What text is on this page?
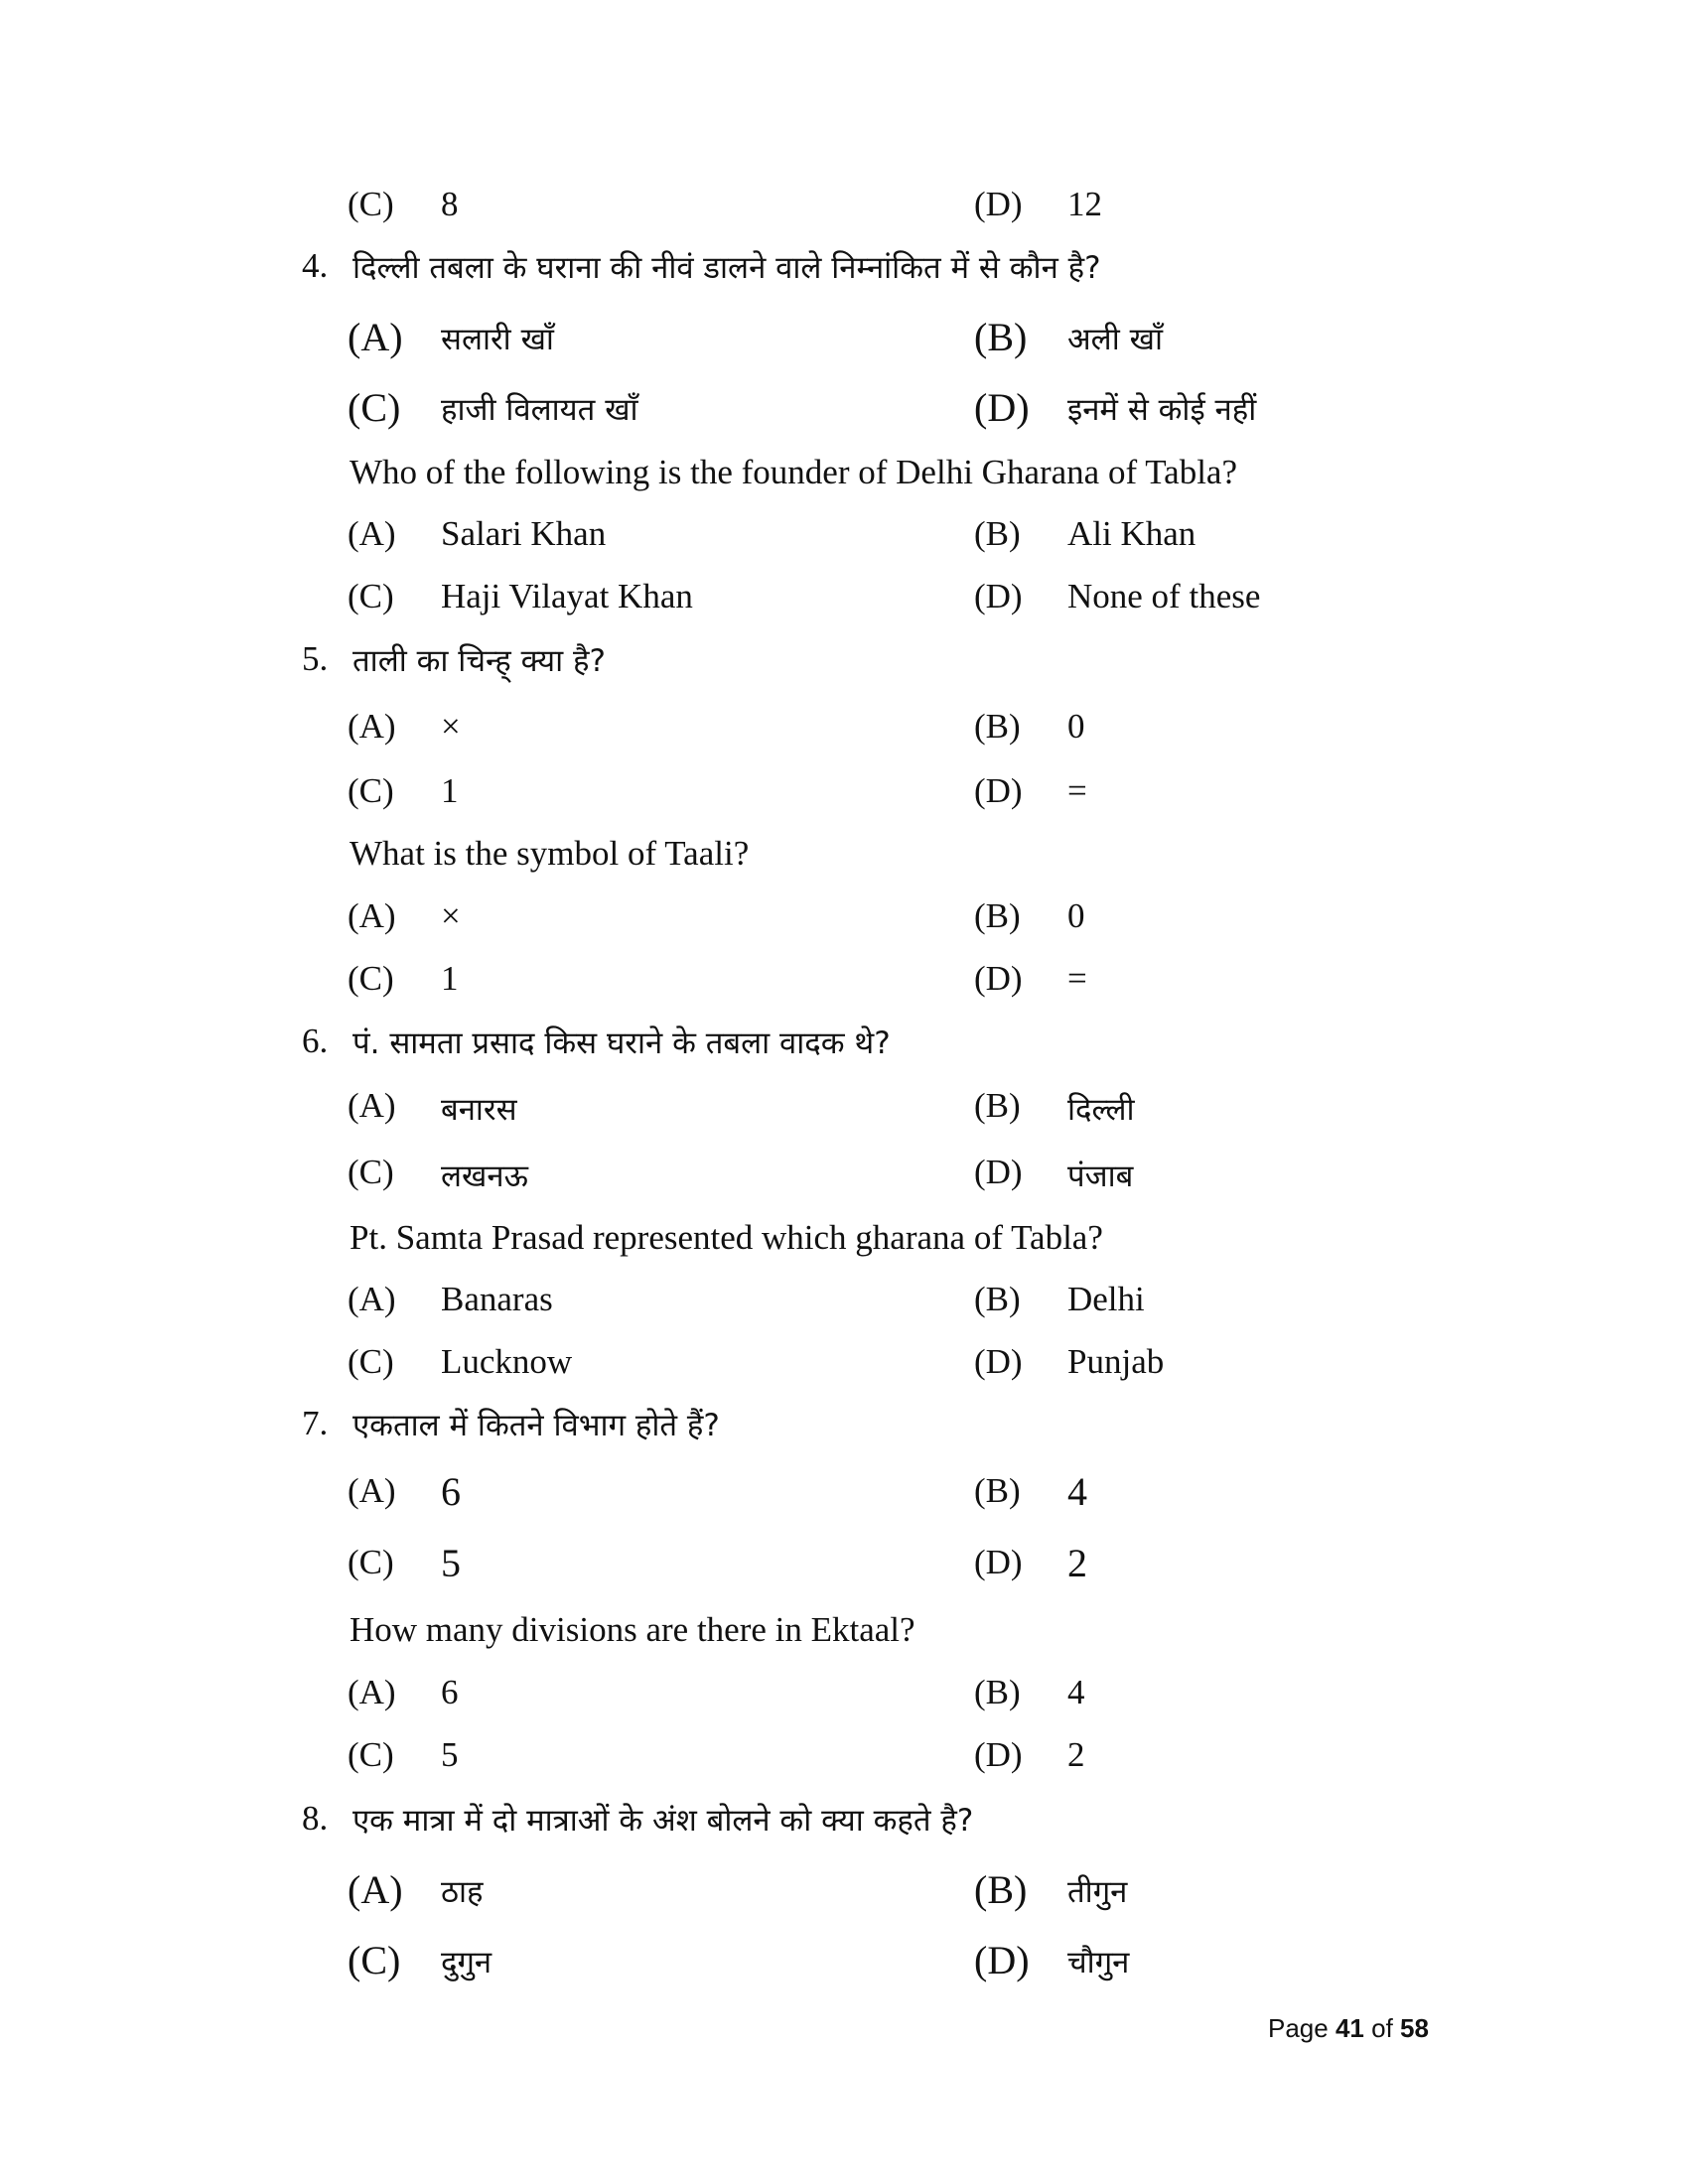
(C) 8	(D) 12
4. दिल्ली तबला के घराना की नीवं डालने वाले निम्नांकित में से कौन है?
(A) सलारी खाँ	(B) अली खाँ
(C) हाजी विलायत खाँ	(D) इनमें से कोई नहीं
Who of the following is the founder of Delhi Gharana of Tabla?
(A) Salari Khan	(B) Ali Khan
(C) Haji Vilayat Khan	(D) None of these
5. ताली का चिन्ह् क्या है?
(A) ×	(B) 0
(C) 1	(D) =
What is the symbol of Taali?
(A) ×	(B) 0
(C) 1	(D) =
6. पं. सामता प्रसाद किस घराने के तबला वादक थे?
(A) बनारस	(B) दिल्ली
(C) लखनऊ	(D) पंजाब
Pt. Samta Prasad represented which gharana of Tabla?
(A) Banaras	(B) Delhi
(C) Lucknow	(D) Punjab
7. एकताल में कितने विभाग होते हैं?
(A) 6	(B) 4
(C) 5	(D) 2
How many divisions are there in Ektaal?
(A) 6	(B) 4
(C) 5	(D) 2
8. एक मात्रा में दो मात्राओं के अंश बोलने को क्या कहते है?
(A) ठाह	(B) तीगुन
(C) दुगुन	(D) चौगुन
Page 41 of 58
